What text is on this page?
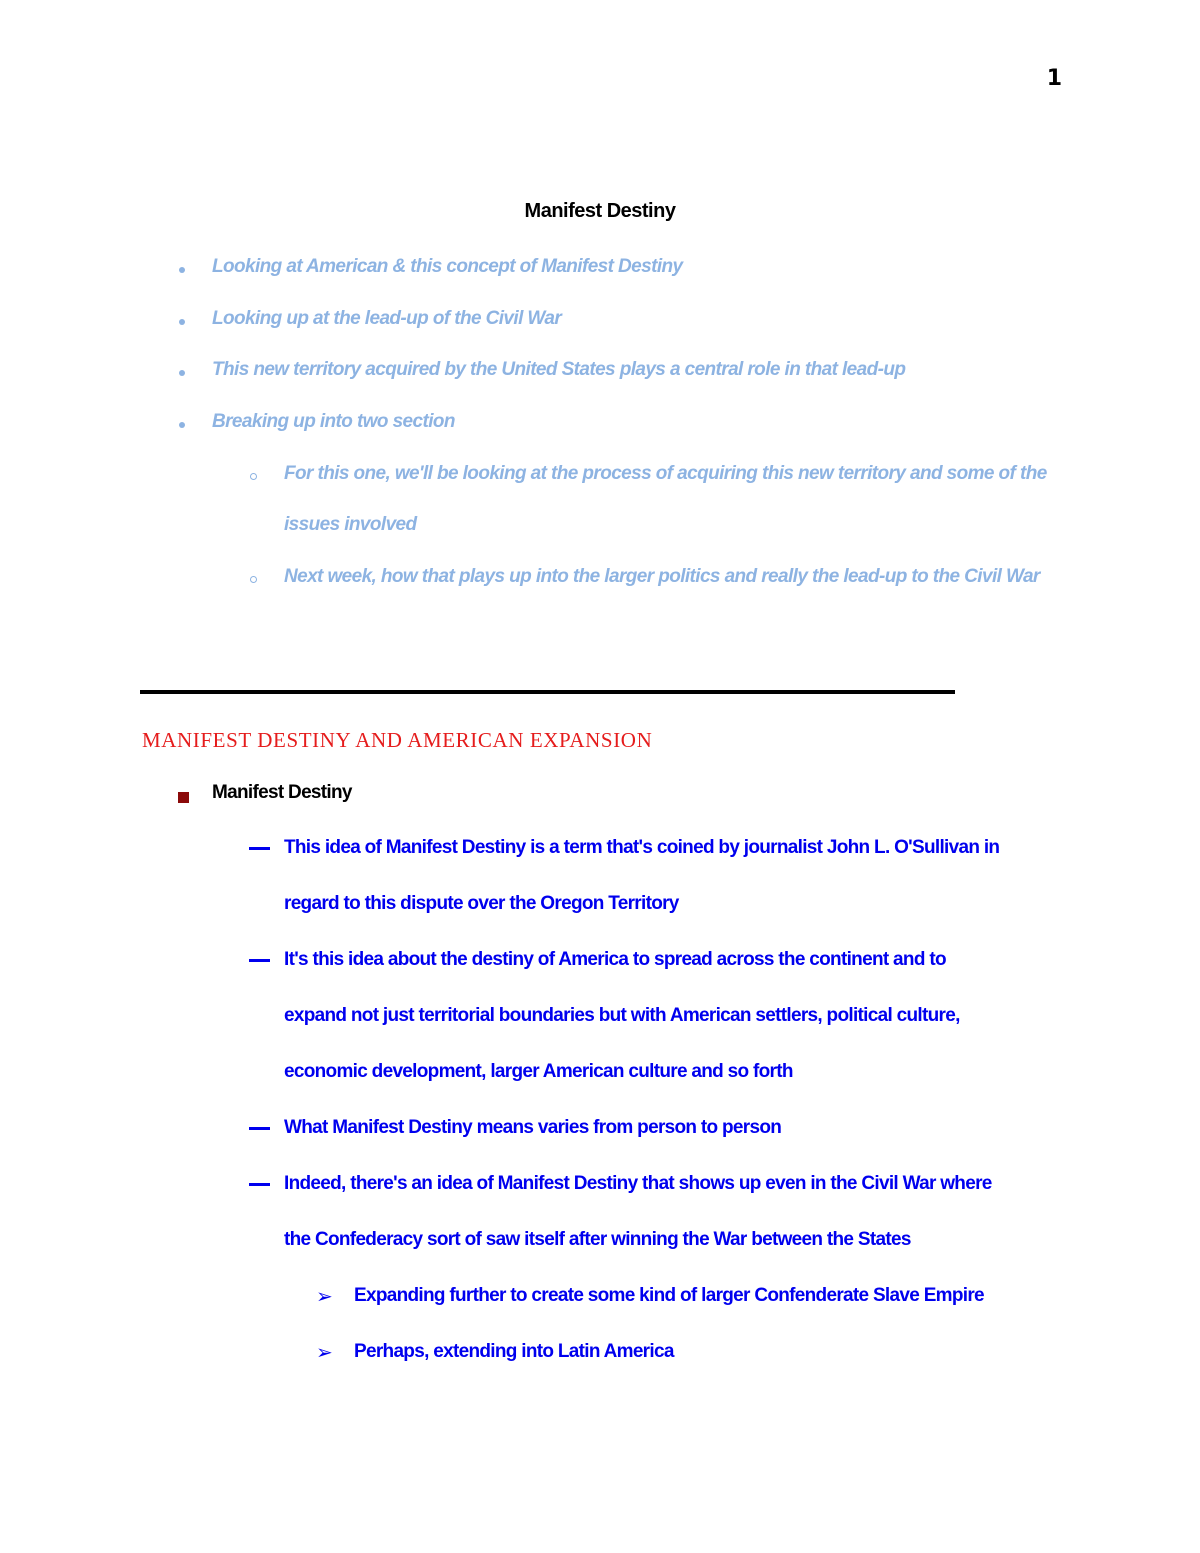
1
Manifest Destiny
Looking at American & this concept of Manifest Destiny
Looking up at the lead-up of the Civil War
This new territory acquired by the United States plays a central role in that lead-up
Breaking up into two section
For this one, we'll be looking at the process of acquiring this new territory and some of the
issues involved
Next week, how that plays up into the larger politics and really the lead-up to the Civil War
MANIFEST DESTINY AND AMERICAN EXPANSION
Manifest Destiny
This idea of Manifest Destiny is a term that's coined by journalist John L. O'Sullivan in
regard to this dispute over the Oregon Territory
It's this idea about the destiny of America to spread across the continent and to
expand not just territorial boundaries but with American settlers, political culture,
economic development, larger American culture and so forth
What Manifest Destiny means varies from person to person
Indeed, there's an idea of Manifest Destiny that shows up even in the Civil War where
the Confederacy sort of saw itself after winning the War between the States
➢ Expanding further to create some kind of larger Confenderate Slave Empire
➢ Perhaps, extending into Latin America
